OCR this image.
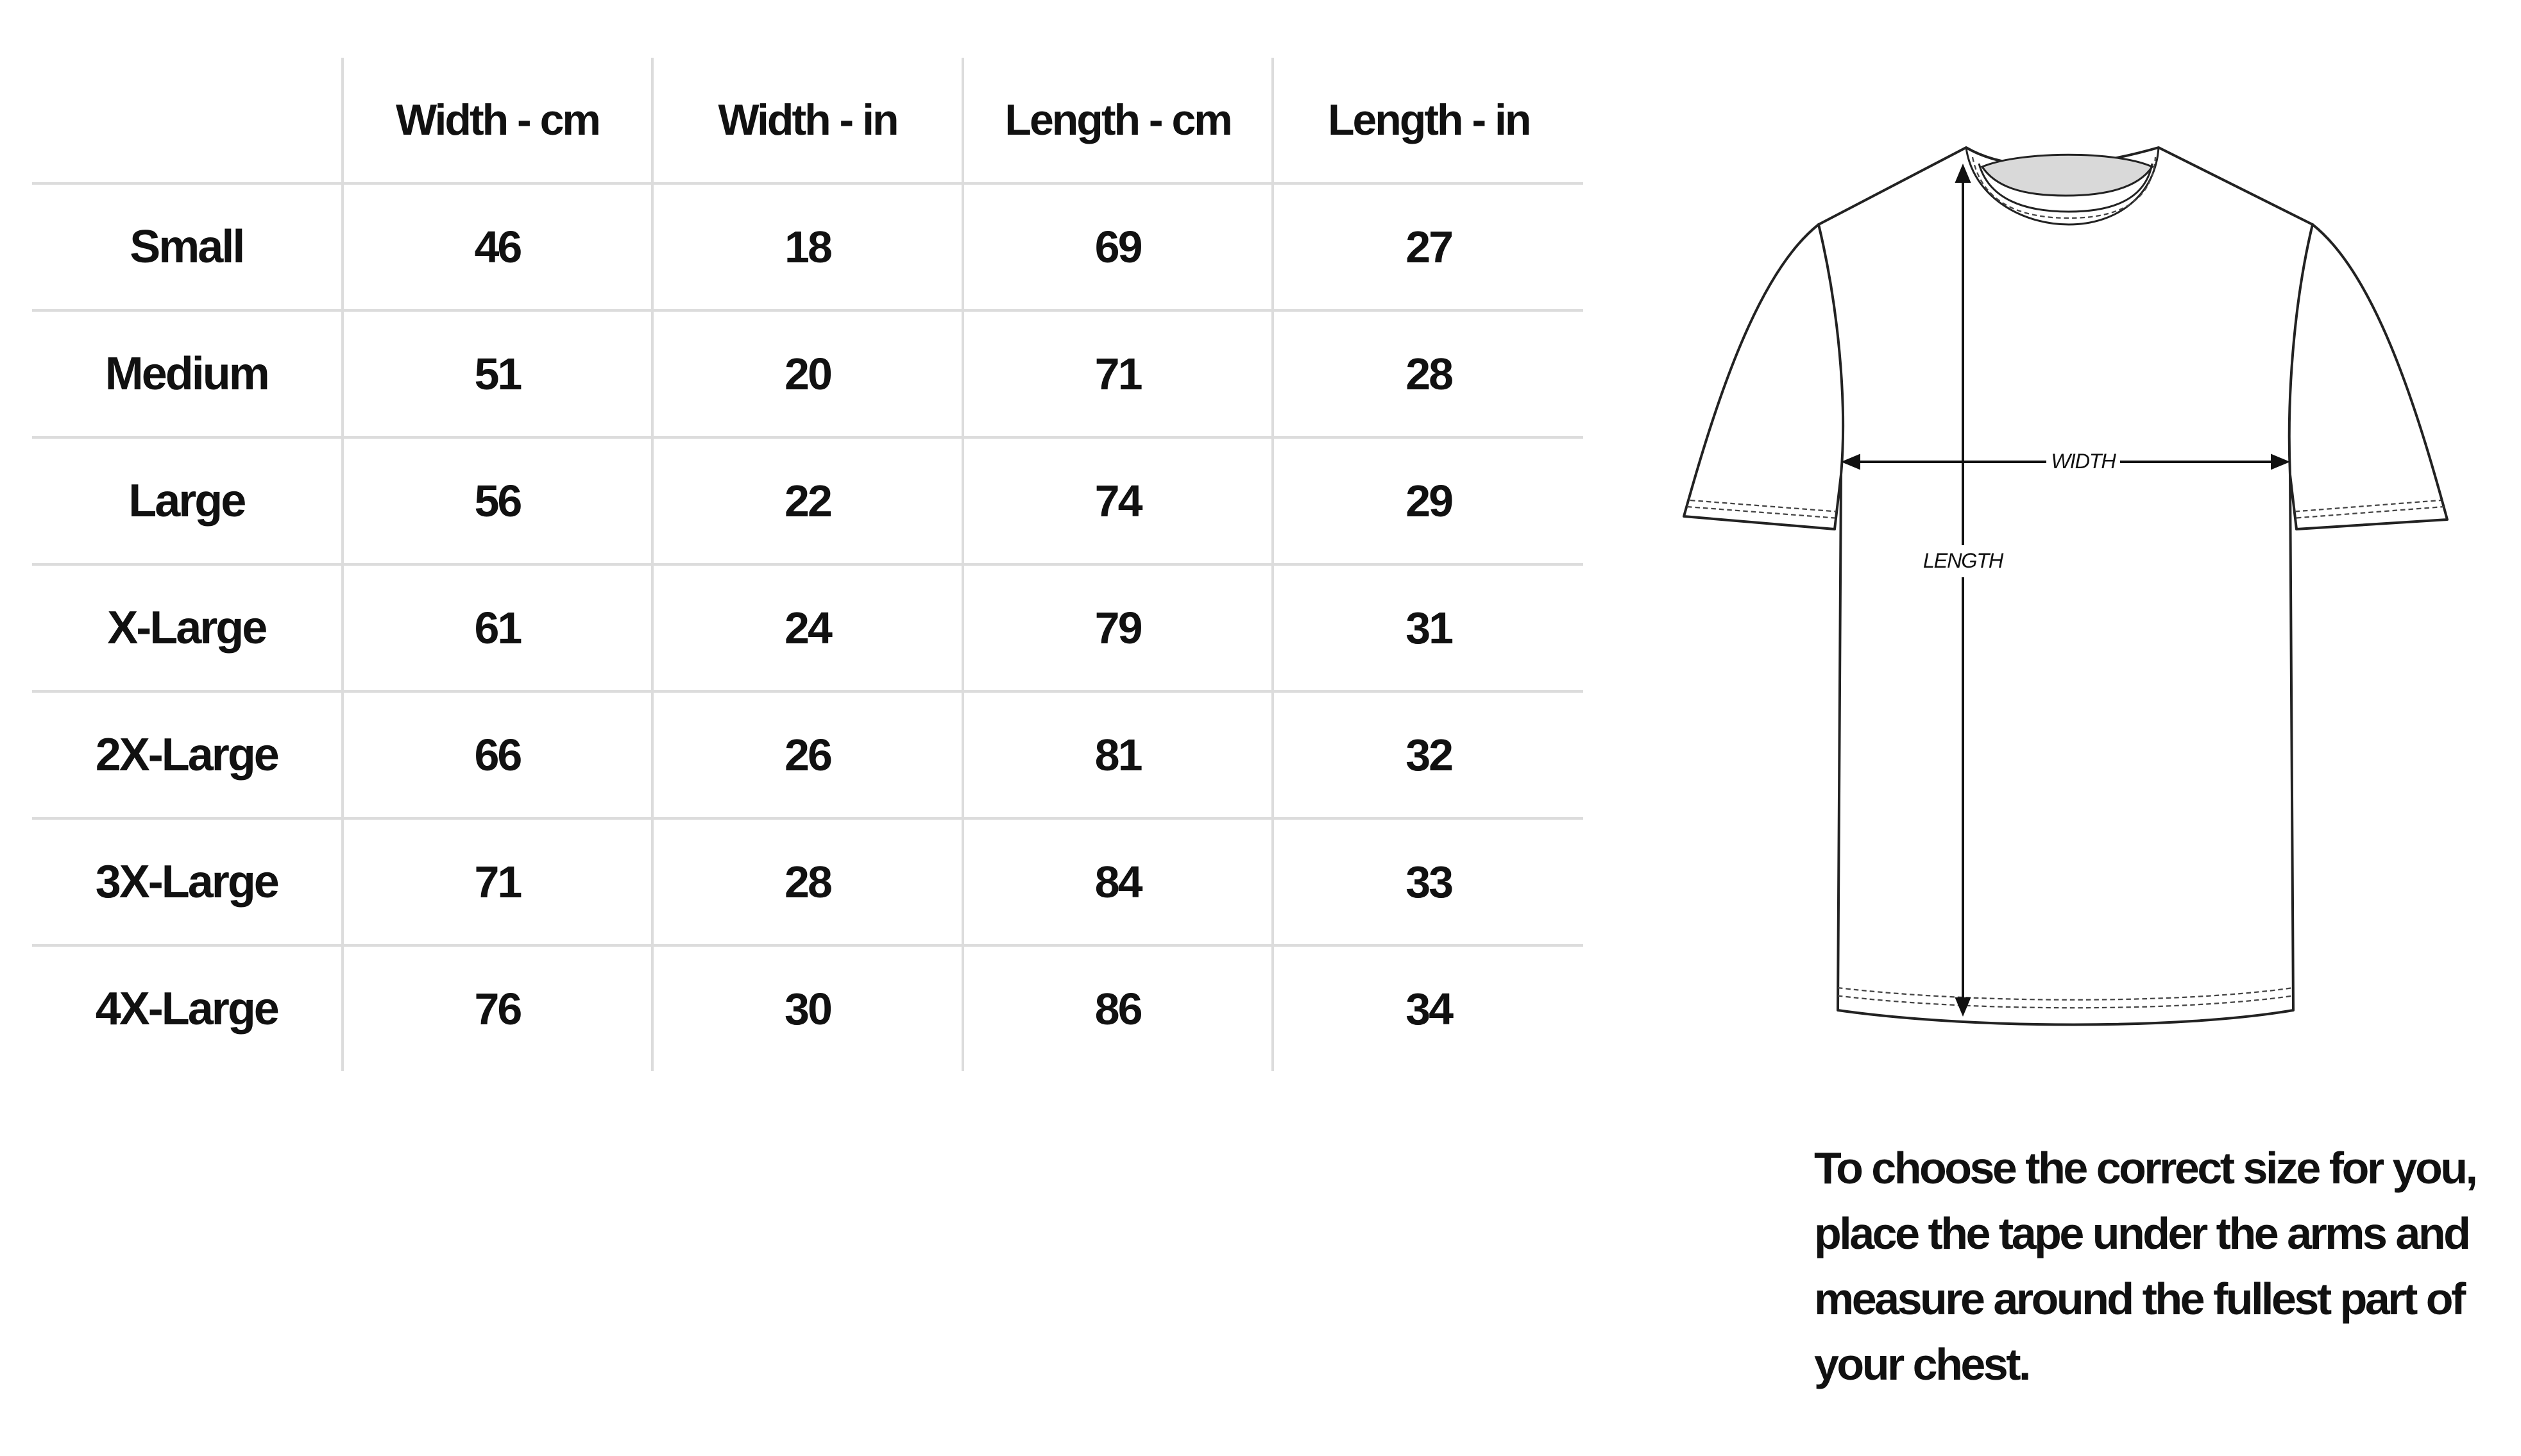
	Width - cm	Width - in	Length - cm	Length - in
Small	46	18	69	27
Medium	51	20	71	28
Large	56	22	74	29
X-Large	61	24	79	31
2X-Large	66	26	81	32
3X-Large	71	28	84	33
4X-Large	76	30	86	34
WIDTH
LENGTH

To choose the correct size for you, place the tape under the arms and measure around the fullest part of your chest.
